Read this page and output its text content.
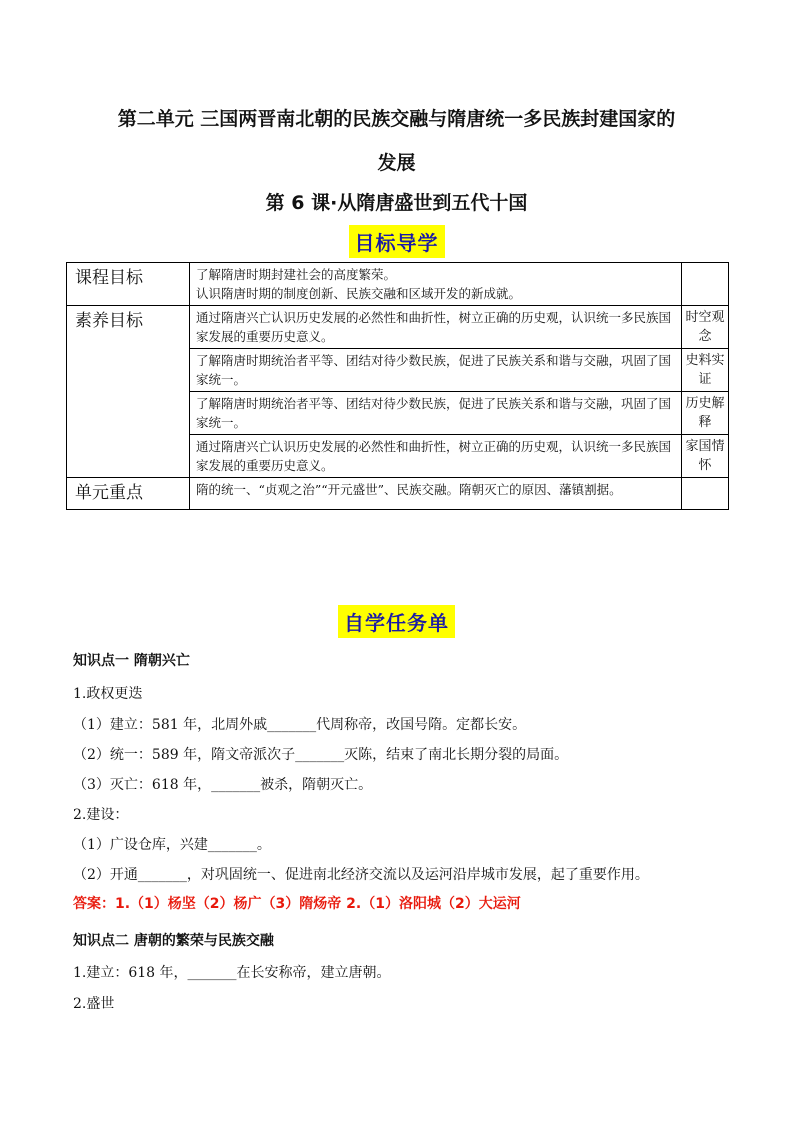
第二单元 三国两晋南北朝的民族交融与隋唐统一多民族封建国家的
发展
第 6 课·从隋唐盛世到五代十国
目标导学
课程目标	了解隋唐时期封建社会的高度繁荣。
认识隋唐时期的制度创新、民族交融和区域开发的新成就。	

素养目标	通过隋唐兴亡认识历史发展的必然性和曲折性，树立正确的历史观，认识统一多民族国家发展的重要历史意义。	时空观念
	了解隋唐时期统治者平等、团结对待少数民族，促进了民族关系和谐与交融，巩固了国家统一。	史料实证
	了解隋唐时期统治者平等、团结对待少数民族，促进了民族关系和谐与交融，巩固了国家统一。	历史解释
	通过隋唐兴亡认识历史发展的必然性和曲折性，树立正确的历史观，认识统一多民族国家发展的重要历史意义。	家国情怀
单元重点	隋的统一、“贞观之治”“开元盛世”、民族交融。隋朝灭亡的原因、藩镇割据。	
自学任务单
知识点一 隋朝兴亡
1.政权更迭
（1）建立：581 年，北周外戚_______代周称帝，改国号隋。定都长安。
（2）统一：589 年，隋文帝派次子_______灭陈，结束了南北长期分裂的局面。
（3）灭亡：618 年，_______被杀，隋朝灭亡。
2.建设：
（1）广设仓库，兴建_______。
（2）开通_______，对巩固统一、促进南北经济交流以及运河沿岸城市发展，起了重要作用。
答案：1.（1）杨坚（2）杨广（3）隋炀帝 2.（1）洛阳城（2）大运河
知识点二 唐朝的繁荣与民族交融
1.建立：618 年，_______在长安称帝，建立唐朝。
2.盛世
